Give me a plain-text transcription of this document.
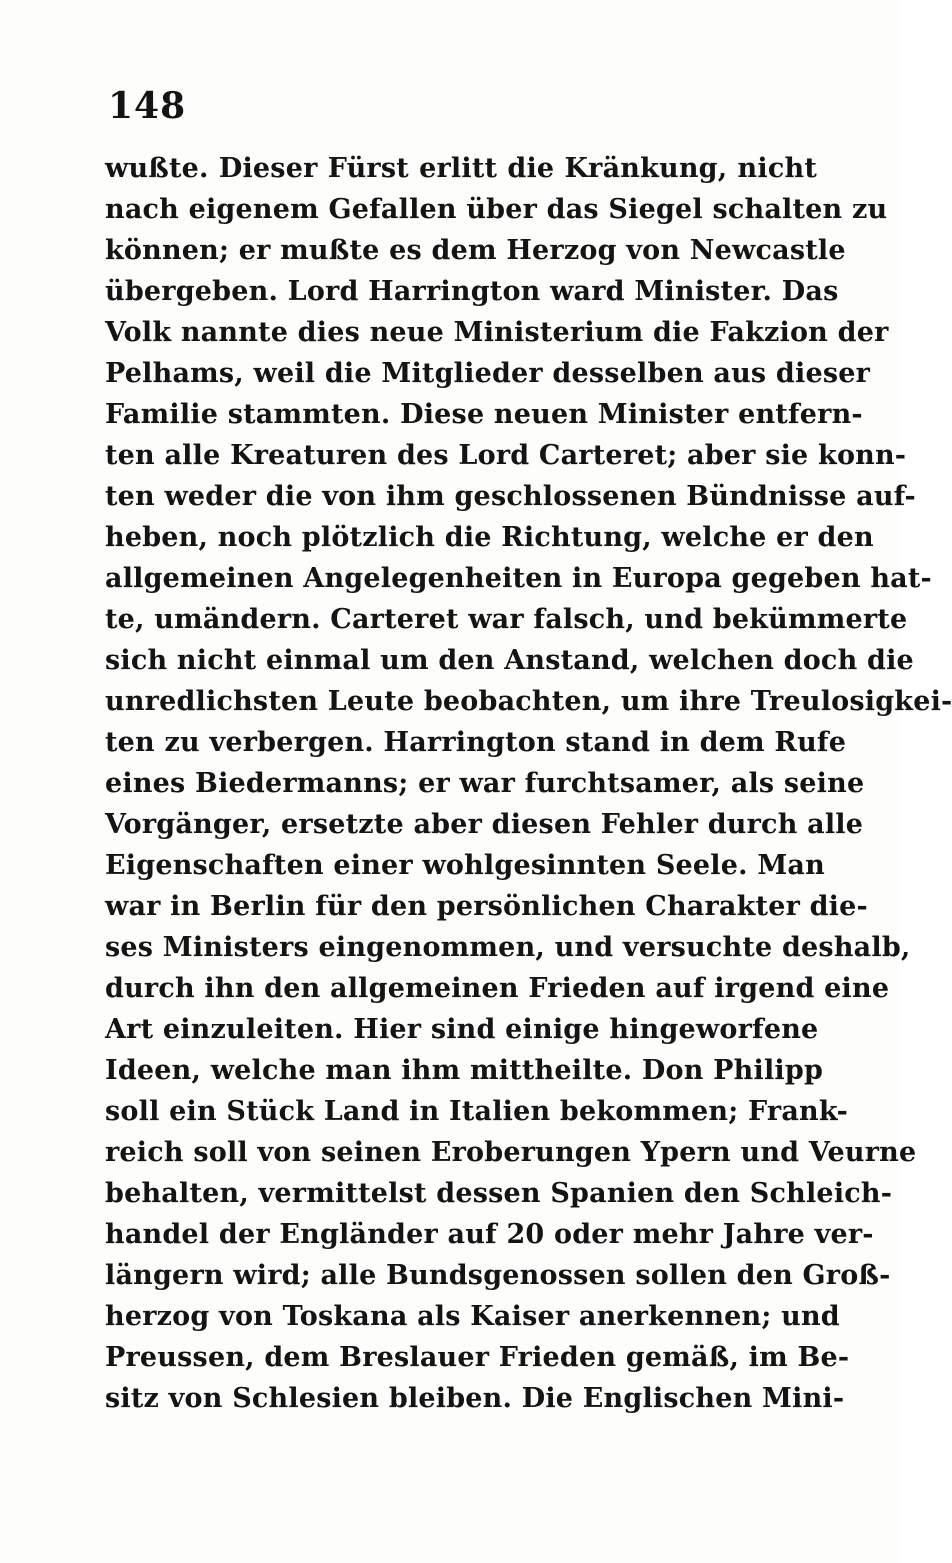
148
wußte. Dieser Fürst erlitt die Kränkung, nicht
nach eigenem Gefallen über das Siegel schalten zu
können; er mußte es dem Herzog von Newcastle
übergeben. Lord Harrington ward Minister. Das
Volk nannte dies neue Ministerium die Fakzion der
Pelhams, weil die Mitglieder desselben aus dieser
Familie stammten. Diese neuen Minister entfern-
ten alle Kreaturen des Lord Carteret; aber sie konn-
ten weder die von ihm geschlossenen Bündnisse auf-
heben, noch plötzlich die Richtung, welche er den
allgemeinen Angelegenheiten in Europa gegeben hat-
te, umändern. Carteret war falsch, und bekümmerte
sich nicht einmal um den Anstand, welchen doch die
unredlichsten Leute beobachten, um ihre Treulosigkei-
ten zu verbergen. Harrington stand in dem Rufe
eines Biedermanns; er war furchtsamer, als seine
Vorgänger, ersetzte aber diesen Fehler durch alle
Eigenschaften einer wohlgesinnten Seele. Man
war in Berlin für den persönlichen Charakter die-
ses Ministers eingenommen, und versuchte deshalb,
durch ihn den allgemeinen Frieden auf irgend eine
Art einzuleiten. Hier sind einige hingeworfene
Ideen, welche man ihm mittheilte. Don Philipp
soll ein Stück Land in Italien bekommen; Frank-
reich soll von seinen Eroberungen Ypern und Veurne
behalten, vermittelst dessen Spanien den Schleich-
handel der Engländer auf 20 oder mehr Jahre ver-
längern wird; alle Bundsgenossen sollen den Groß-
herzog von Toskana als Kaiser anerkennen; und
Preussen, dem Breslauer Frieden gemäß, im Be-
sitz von Schlesien bleiben. Die Englischen Mini-
